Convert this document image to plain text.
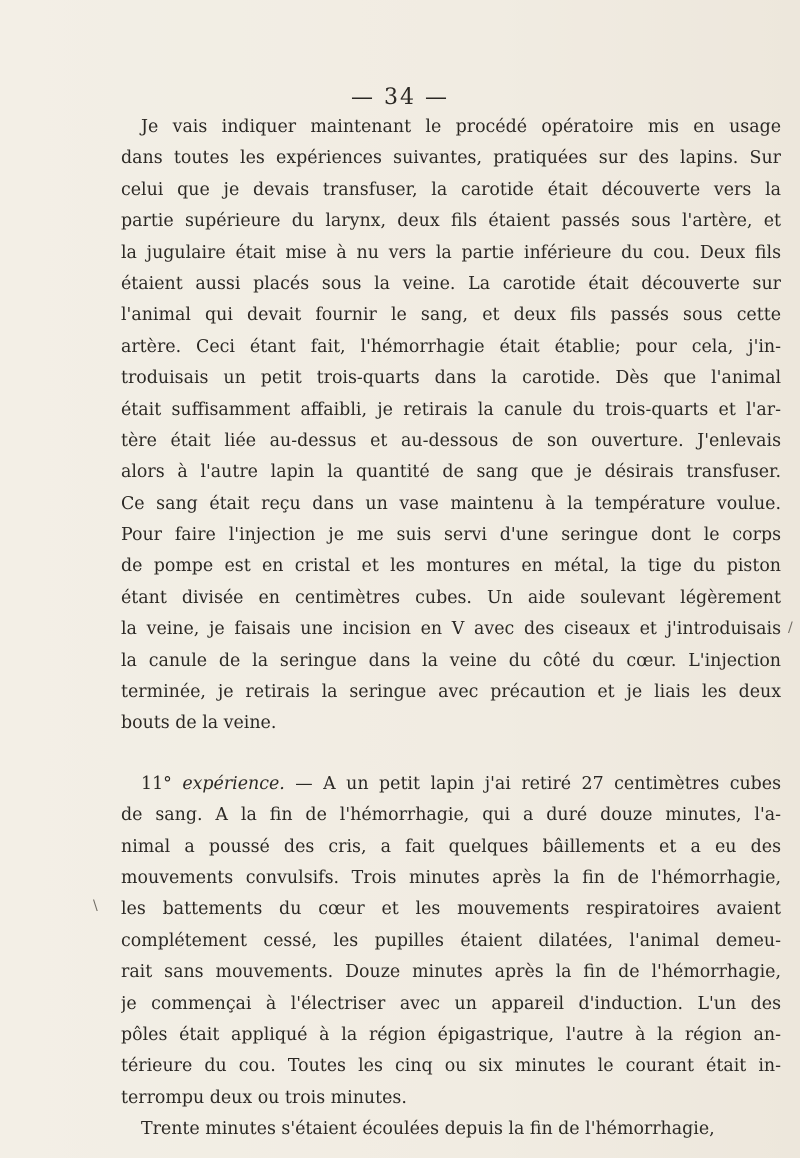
— 34 —
Je vais indiquer maintenant le procédé opératoire mis en usage
dans toutes les expériences suivantes, pratiquées sur des lapins. Sur
celui que je devais transfuser, la carotide était découverte vers la
partie supérieure du larynx, deux fils étaient passés sous l'artère, et
la jugulaire était mise à nu vers la partie inférieure du cou. Deux fils
étaient aussi placés sous la veine. La carotide était découverte sur
l'animal qui devait fournir le sang, et deux fils passés sous cette
artère. Ceci étant fait, l'hémorrhagie était établie; pour cela, j'in-
troduisais un petit trois-quarts dans la carotide. Dès que l'animal
était suffisamment affaibli, je retirais la canule du trois-quarts et l'ar-
tère était liée au-dessus et au-dessous de son ouverture. J'enlevais
alors à l'autre lapin la quantité de sang que je désirais transfuser.
Ce sang était reçu dans un vase maintenu à la température voulue.
Pour faire l'injection je me suis servi d'une seringue dont le corps
de pompe est en cristal et les montures en métal, la tige du piston
étant divisée en centimètres cubes. Un aide soulevant légèrement
la veine, je faisais une incision en V avec des ciseaux et j'introduisais
la canule de la seringue dans la veine du côté du cœur. L'injection
terminée, je retirais la seringue avec précaution et je liais les deux
bouts de la veine.
11° expérience. — A un petit lapin j'ai retiré 27 centimètres cubes
de sang. A la fin de l'hémorrhagie, qui a duré douze minutes, l'a-
nimal a poussé des cris, a fait quelques bâillements et a eu des
mouvements convulsifs. Trois minutes après la fin de l'hémorrhagie,
les battements du cœur et les mouvements respiratoires avaient
complétement cessé, les pupilles étaient dilatées, l'animal demeu-
rait sans mouvements. Douze minutes après la fin de l'hémorrhagie,
je commençai à l'électriser avec un appareil d'induction. L'un des
pôles était appliqué à la région épigastrique, l'autre à la région an-
térieure du cou. Toutes les cinq ou six minutes le courant était in-
terrompu deux ou trois minutes.
Trente minutes s'étaient écoulées depuis la fin de l'hémorrhagie,
/
\
